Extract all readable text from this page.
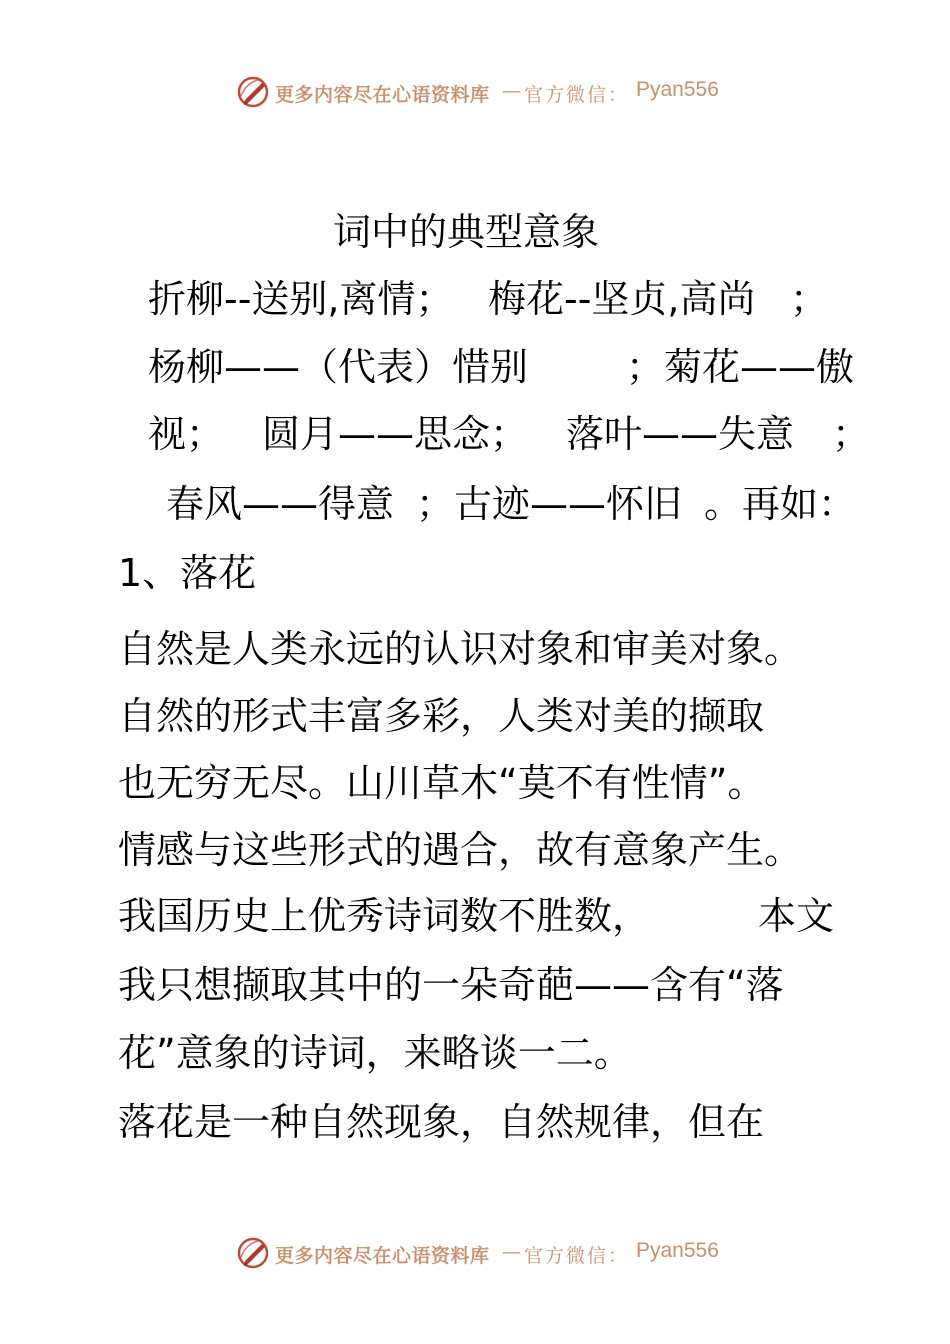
更多内容尽在心语资料库 — 官方微信： Pyan556
词中的典型意象
折柳--送别,离情； 梅花--坚贞,高尚 ；
杨柳——（代表）惜别	；菊花——傲
视； 圆月——思念； 落叶——失意 ；
春风——得意 ；古迹——怀旧 。再如：
1、落花
自然是人类永远的认识对象和审美对象。
自然的形式丰富多彩，人类对美的撷取
也无穷无尽。山川草木“莫不有性情”。
情感与这些形式的遇合，故有意象产生。
我国历史上优秀诗词数不胜数，	本文
我只想撷取其中的一朵奇葩——含有“落
花”意象的诗词，来略谈一二。
落花是一种自然现象，自然规律，但在
更多内容尽在心语资料库 — 官方微信： Pyan556
